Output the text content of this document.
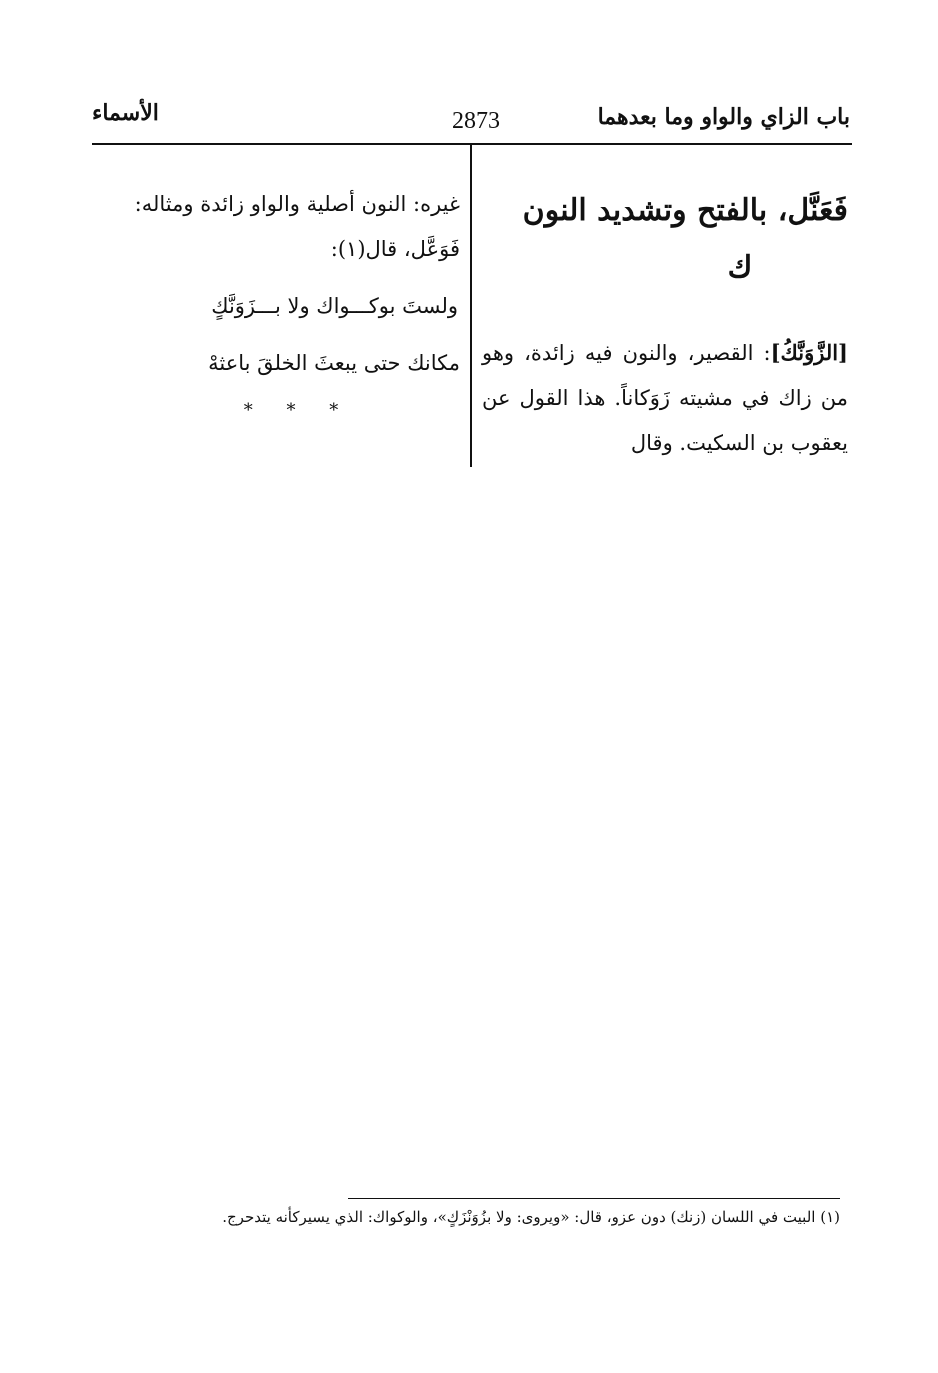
باب الزاي والواو وما بعدهما
2873
الأسماء
فَعَنَّل، بالفتح وتشديد النون
ك
[الزَّوَنَّكُ]: القصير، والنون فيه زائدة، وهو من زاك في مشيته زَوَكاناً. هذا القول عن يعقوب بن السكيت. وقال
غيره: النون أصلية والواو زائدة ومثاله:
فَوَعَّل، قال(١):
ولستَ بوكـــواك ولا بـــزَوَنَّكٍ
مكانك حتى يبعثَ الخلقَ باعثهْ
* * *
(١) البيت في اللسان (زنك) دون عزو، قال: «ويروى: ولا بزُوَنْزَكٍ»، والوكواك: الذي يسيركأنه يتدحرج.
